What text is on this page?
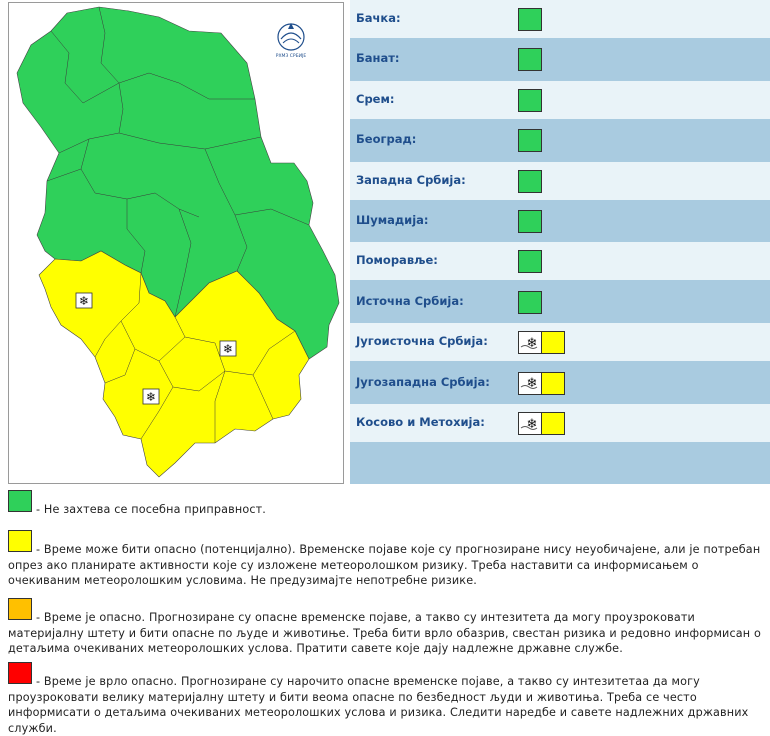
РХМЗ СРБИЈЕ
❄
❄
❄
Бачка:
Банат:
Срем:
Београд:
Западна Србија:
Шумадија:
Поморавље:
Источна Србија:
Југоисточна Србија:	❄
Југозападна Србија:	❄
Косово и Метохија:	❄
- Не захтева се посебна приправност.
- Време може бити опасно (потенцијално). Временске појаве које су прогнозиране нису неуобичајене, али је потребан опрез ако планирате активности које су изложене метеоролошком ризику. Треба наставити са информисањем о очекиваним метеоролошким условима. Не предузимајте непотребне ризике.
- Време је опасно. Прогнозиране су опасне временске појаве, а такво су интезитета да могу проузроковати материјалну штету и бити опасне по људе и животиње. Треба бити врло обазрив, свестан ризика и редовно информисан о детаљима очекиваних метеоролошких услова. Пратити савете које дају надлежне државне службе.
- Време је врло опасно. Прогнозиране су нарочито опасне временске појаве, а такво су интезитетаа да могу проузроковати велику материјалну штету и бити веома опасне по безбедност људи и животиња. Треба се често информисати о детаљима очекиваних метеоролошких услова и ризика. Следити наредбе и савете надлежних државних служби.
